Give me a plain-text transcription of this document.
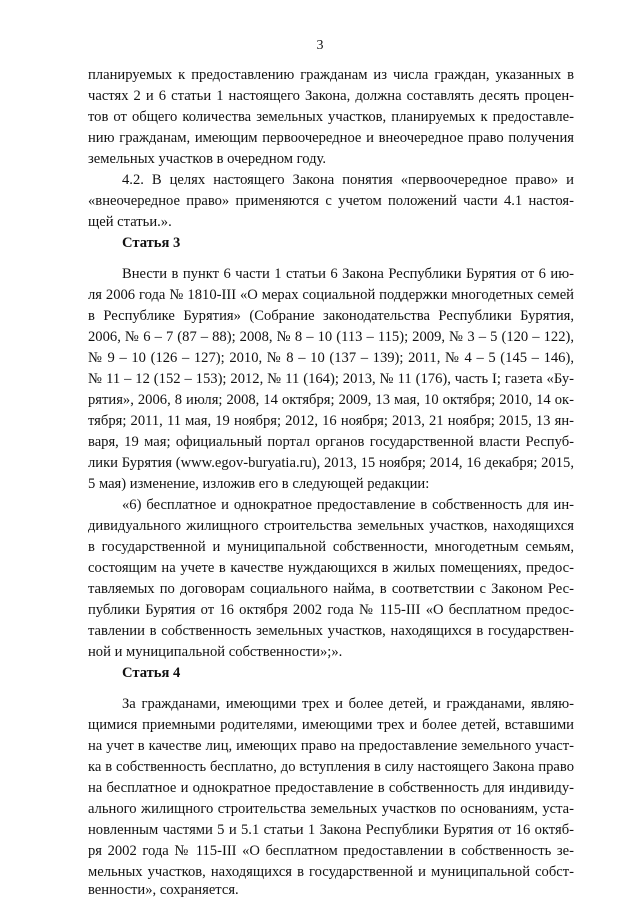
3
планируемых к предоставлению гражданам из числа граждан, указанных в
частях 2 и 6 статьи 1 настоящего Закона, должна составлять десять процен-
тов от общего количества земельных участков, планируемых к предоставле-
нию гражданам, имеющим первоочередное и внеочередное право получения
земельных участков в очередном году.
4.2. В целях настоящего Закона понятия «первоочередное право» и
«внеочередное право» применяются с учетом положений части 4.1 настоя-
щей статьи.».
Статья 3
Внести в пункт 6 части 1 статьи 6 Закона Республики Бурятия от 6 ию-
ля 2006 года № 1810-III «О мерах социальной поддержки многодетных семей
в Республике Бурятия» (Собрание законодательства Республики Бурятия,
2006, № 6 – 7 (87 – 88); 2008, № 8 – 10 (113 – 115); 2009, № 3 – 5 (120 – 122),
№ 9 – 10 (126 – 127); 2010, № 8 – 10 (137 – 139); 2011, № 4 – 5 (145 – 146),
№ 11 – 12 (152 – 153); 2012, № 11 (164); 2013, № 11 (176), часть I; газета «Бу-
рятия», 2006, 8 июля; 2008, 14 октября; 2009, 13 мая, 10 октября; 2010, 14 ок-
тября; 2011, 11 мая, 19 ноября; 2012, 16 ноября; 2013, 21 ноября; 2015, 13 ян-
варя, 19 мая; официальный портал органов государственной власти Респуб-
лики Бурятия (www.egov-buryatia.ru), 2013, 15 ноября; 2014, 16 декабря; 2015,
5 мая) изменение, изложив его в следующей редакции:
«6) бесплатное и однократное предоставление в собственность для ин-
дивидуального жилищного строительства земельных участков, находящихся
в государственной и муниципальной собственности, многодетным семьям,
состоящим на учете в качестве нуждающихся в жилых помещениях, предос-
тавляемых по договорам социального найма, в соответствии с Законом Рес-
публики Бурятия от 16 октября 2002 года № 115-III «О бесплатном предос-
тавлении в собственность земельных участков, находящихся в государствен-
ной и муниципальной собственности»;».
Статья 4
За гражданами, имеющими трех и более детей, и гражданами, являю-
щимися приемными родителями, имеющими трех и более детей, вставшими
на учет в качестве лиц, имеющих право на предоставление земельного участ-
ка в собственность бесплатно, до вступления в силу настоящего Закона право
на бесплатное и однократное предоставление в собственность для индивиду-
ального жилищного строительства земельных участков по основаниям, уста-
новленным частями 5 и 5.1 статьи 1 Закона Республики Бурятия от 16 октяб-
ря 2002 года № 115-III «О бесплатном предоставлении в собственность зе-
мельных участков, находящихся в государственной и муниципальной собст-
венности», сохраняется.
